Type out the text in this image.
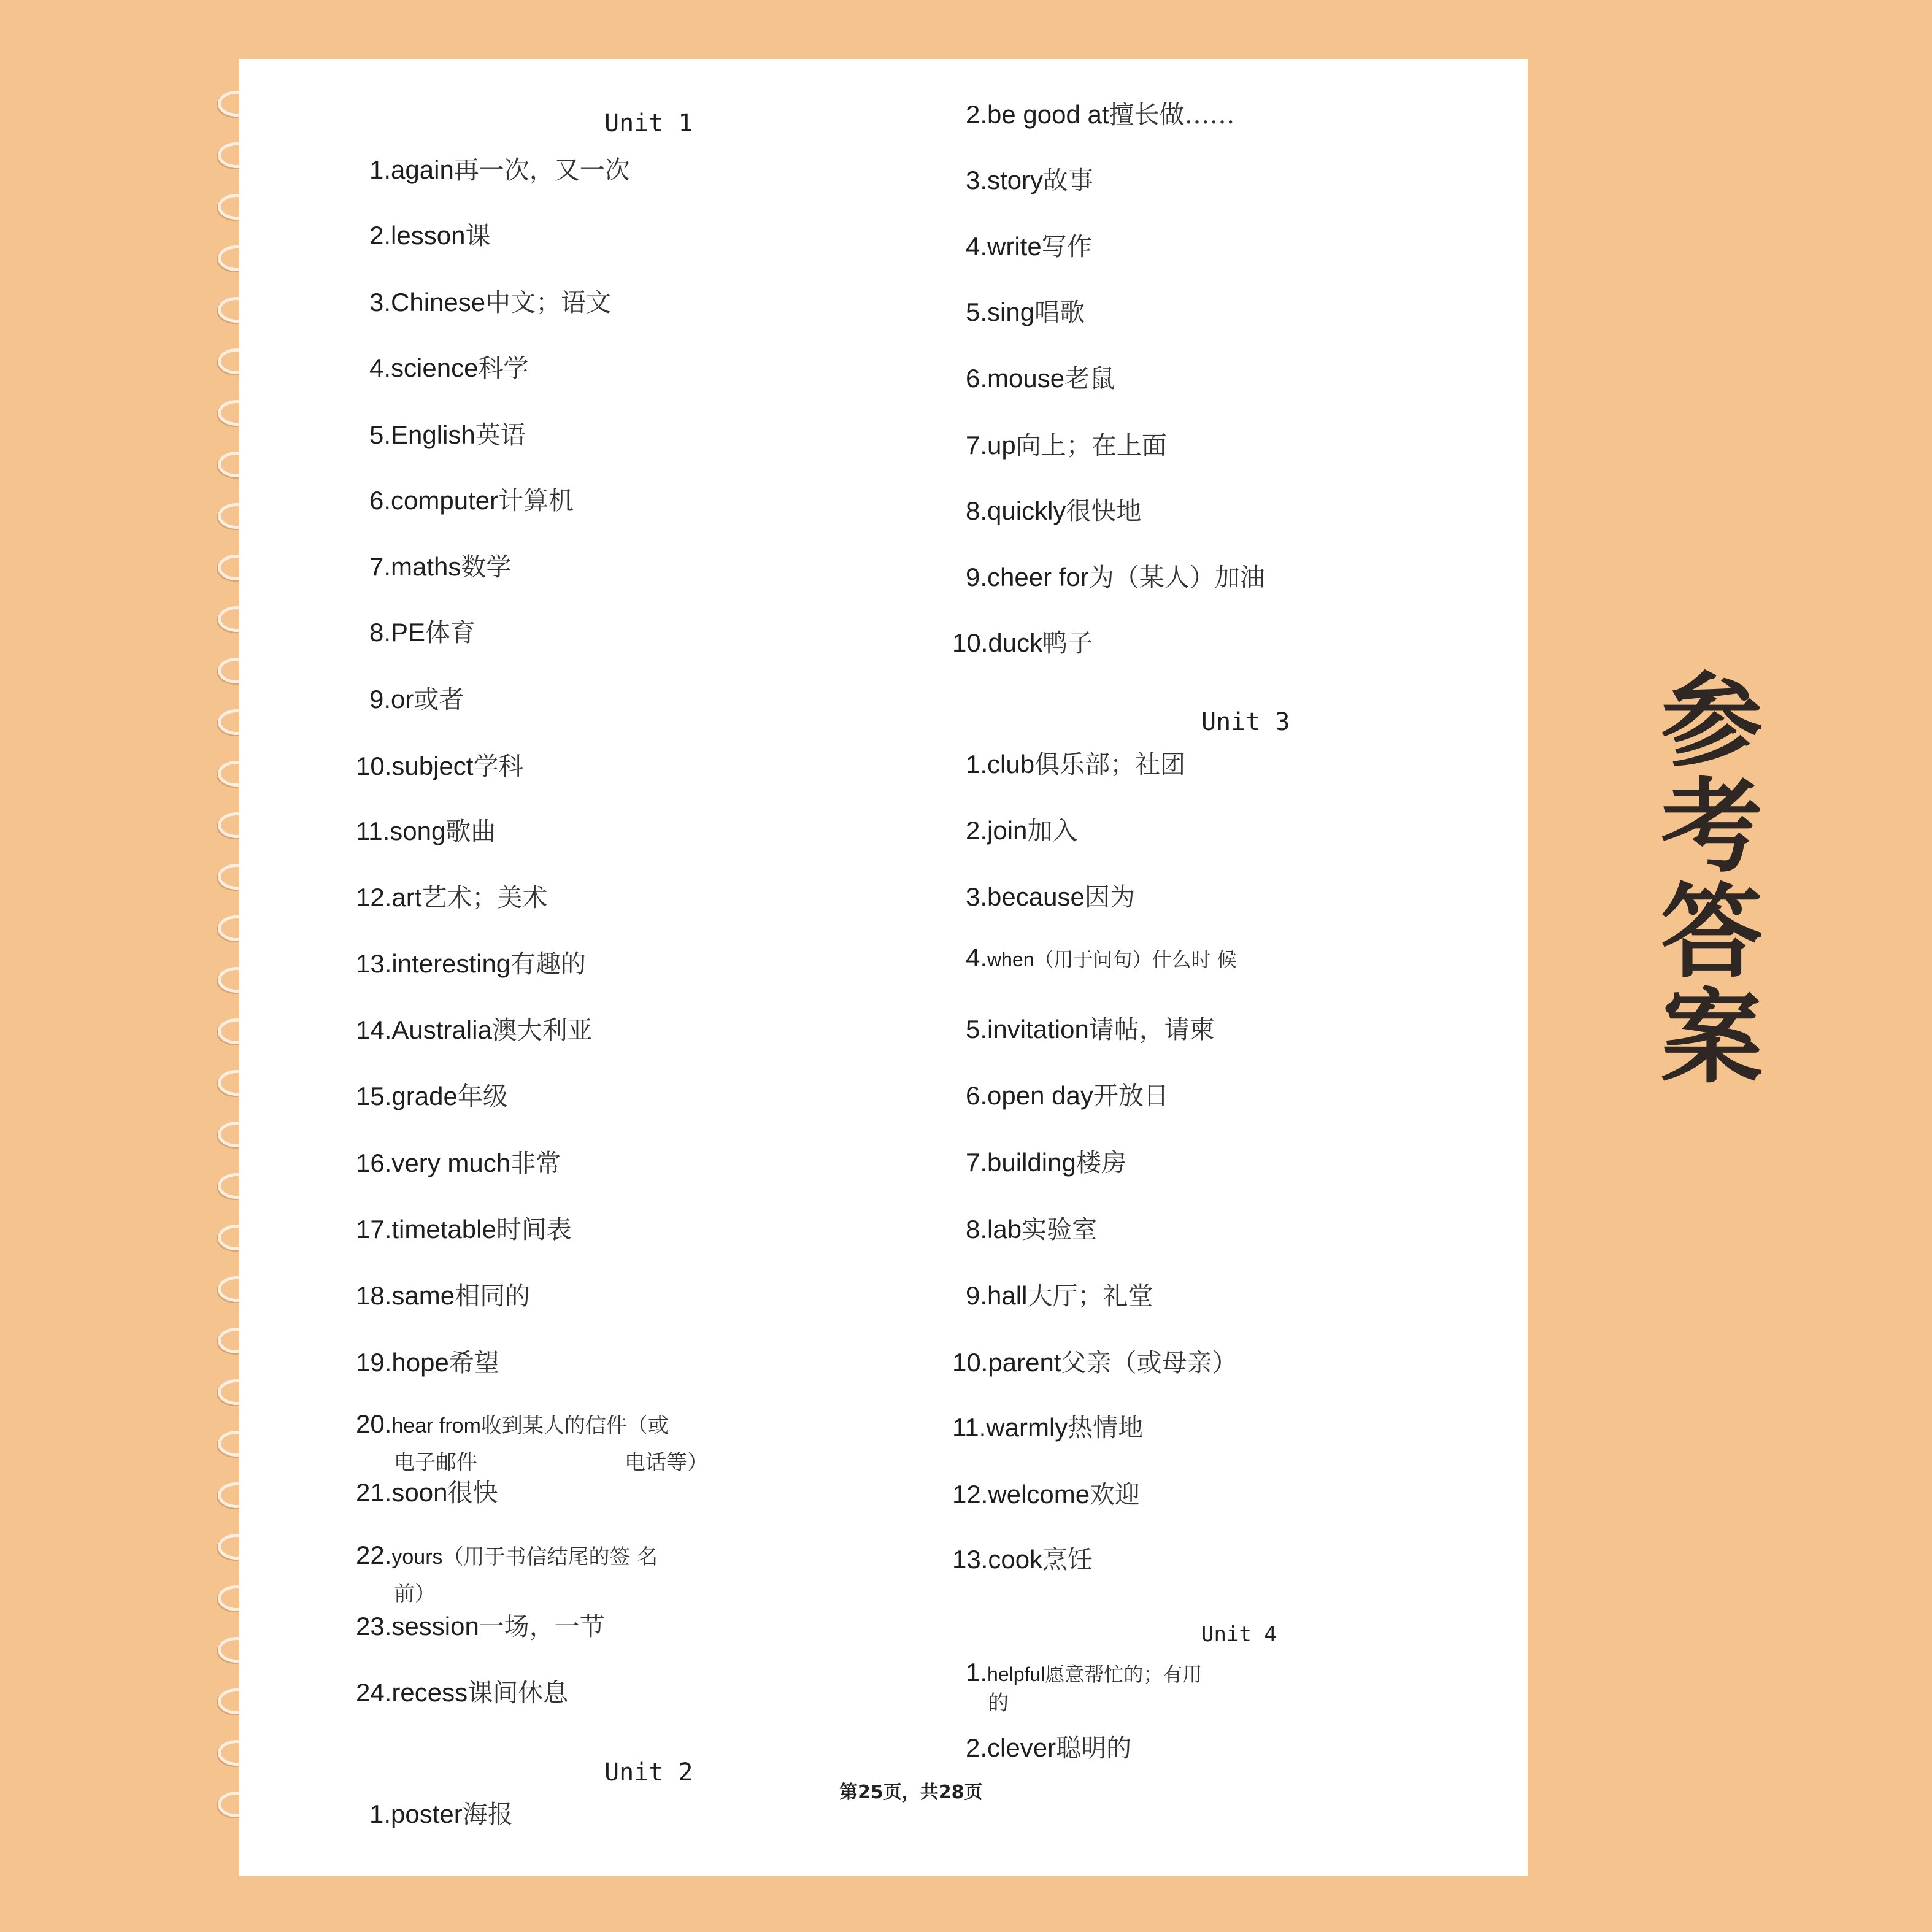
Unit 1
1.again再一次，又一次
2.lesson课
3.Chinese中文；语文
4.science科学
5.English英语
6.computer计算机
7.maths数学
8.PE体育
9.or或者
10.subject学科
11.song歌曲
12.art艺术；美术
13.interesting有趣的
14.Australia澳大利亚
15.grade年级
16.very much非常
17.timetable时间表
18.same相同的
19.hope希望
20.hear from收到某人的信件（或
电子邮件	电话等）
21.soon很快
22.yours（用于书信结尾的签 名
前）
23.session一场，一节
24.recess课间休息
Unit 2
1.poster海报
2.be good at擅长做……
3.story故事
4.write写作
5.sing唱歌
6.mouse老鼠
7.up向上；在上面
8.quickly很快地
9.cheer for为（某人）加油
10.duck鸭子
Unit 3
1.club俱乐部；社团
2.join加入
3.because因为
4.when（用于问句）什么时 候
5.invitation请帖，请柬
6.open day开放日
7.building楼房
8.lab实验室
9.hall大厅；礼堂
10.parent父亲（或母亲）
11.warmly热情地
12.welcome欢迎
13.cook烹饪
Unit 4
1.helpful愿意帮忙的；有用
的
2.clever聪明的
第25页，共28页
参考答案
